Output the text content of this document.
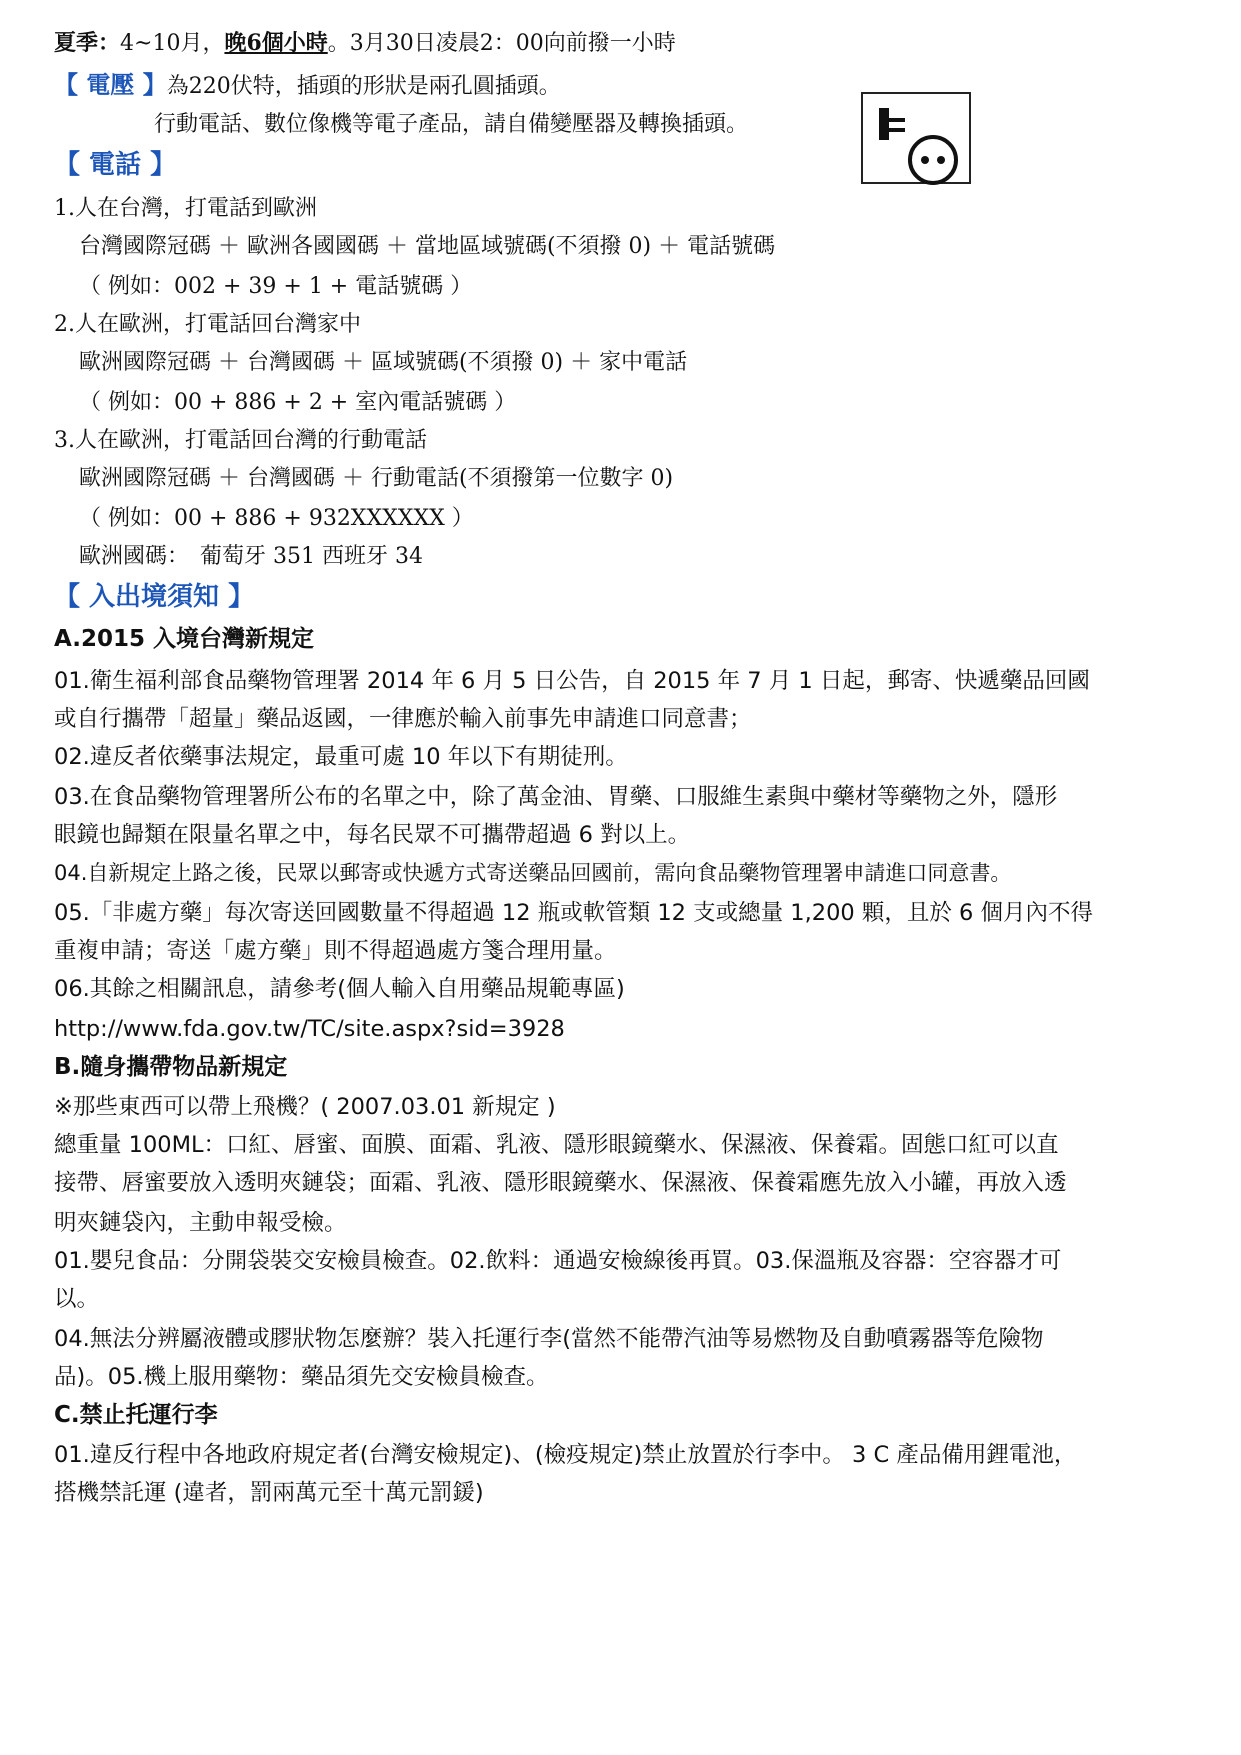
夏季：4~10月，晚6個小時。3月30日凌晨2：00向前撥一小時
【 電壓 】為220伏特，插頭的形狀是兩孔圓插頭。
行動電話、數位像機等電子產品，請自備變壓器及轉換插頭。
【 電話 】
1.人在台灣，打電話到歐洲
台灣國際冠碼 ＋ 歐洲各國國碼 ＋ 當地區域號碼(不須撥 0) ＋ 電話號碼
（ 例如：002 + 39 + 1 + 電話號碼 ）
2.人在歐洲，打電話回台灣家中
歐洲國際冠碼 ＋ 台灣國碼 ＋ 區域號碼(不須撥 0) ＋ 家中電話
（ 例如：00 + 886 + 2 + 室內電話號碼 ）
3.人在歐洲，打電話回台灣的行動電話
歐洲國際冠碼 ＋ 台灣國碼 ＋ 行動電話(不須撥第一位數字 0)
（ 例如：00 + 886 + 932XXXXXX ）
歐洲國碼：　葡萄牙 351 西班牙 34
【 入出境須知 】
A.2015 入境台灣新規定
01.衛生福利部食品藥物管理署 2014 年 6 月 5 日公告，自 2015 年 7 月 1 日起，郵寄、快遞藥品回國
或自行攜帶「超量」藥品返國，一律應於輸入前事先申請進口同意書；
02.違反者依藥事法規定，最重可處 10 年以下有期徒刑。
03.在食品藥物管理署所公布的名單之中，除了萬金油、胃藥、口服維生素與中藥材等藥物之外，隱形
眼鏡也歸類在限量名單之中，每名民眾不可攜帶超過 6 對以上。
04.自新規定上路之後，民眾以郵寄或快遞方式寄送藥品回國前，需向食品藥物管理署申請進口同意書。
05.「非處方藥」每次寄送回國數量不得超過 12 瓶或軟管類 12 支或總量 1,200 顆，且於 6 個月內不得
重複申請；寄送「處方藥」則不得超過處方箋合理用量。
06.其餘之相關訊息，請參考(個人輸入自用藥品規範專區)
http://www.fda.gov.tw/TC/site.aspx?sid=3928
B.隨身攜帶物品新規定
※那些東西可以帶上飛機？( 2007.03.01 新規定 )
總重量 100ML：口紅、唇蜜、面膜、面霜、乳液、隱形眼鏡藥水、保濕液、保養霜。固態口紅可以直
接帶、唇蜜要放入透明夾鏈袋；面霜、乳液、隱形眼鏡藥水、保濕液、保養霜應先放入小罐，再放入透
明夾鏈袋內，主動申報受檢。
01.嬰兒食品：分開袋裝交安檢員檢查。02.飲料：通過安檢線後再買。03.保溫瓶及容器：空容器才可
以。
04.無法分辨屬液體或膠狀物怎麼辦？裝入托運行李(當然不能帶汽油等易燃物及自動噴霧器等危險物
品)。05.機上服用藥物：藥品須先交安檢員檢查。
C.禁止托運行李
01.違反行程中各地政府規定者(台灣安檢規定)、(檢疫規定)禁止放置於行李中。 3 C 產品備用鋰電池，
搭機禁託運 (違者，罰兩萬元至十萬元罰鍰)
